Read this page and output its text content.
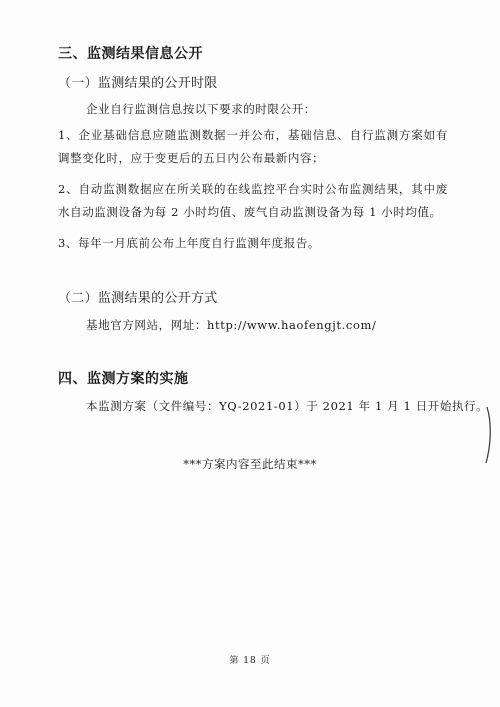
三、监测结果信息公开
（一）监测结果的公开时限
企业自行监测信息按以下要求的时限公开：
1、企业基础信息应随监测数据一并公布，基础信息、自行监测方案如有调整变化时，应于变更后的五日内公布最新内容；
2、自动监测数据应在所关联的在线监控平台实时公布监测结果，其中废水自动监测设备为每 2 小时均值、废气自动监测设备为每 1 小时均值。
3、每年一月底前公布上年度自行监测年度报告。
（二）监测结果的公开方式
基地官方网站，网址：http://www.haofengjt.com/
四、监测方案的实施
本监测方案（文件编号：YQ-2021-01）于 2021 年 1 月 1 日开始执行。
***方案内容至此结束***
第 18 页
